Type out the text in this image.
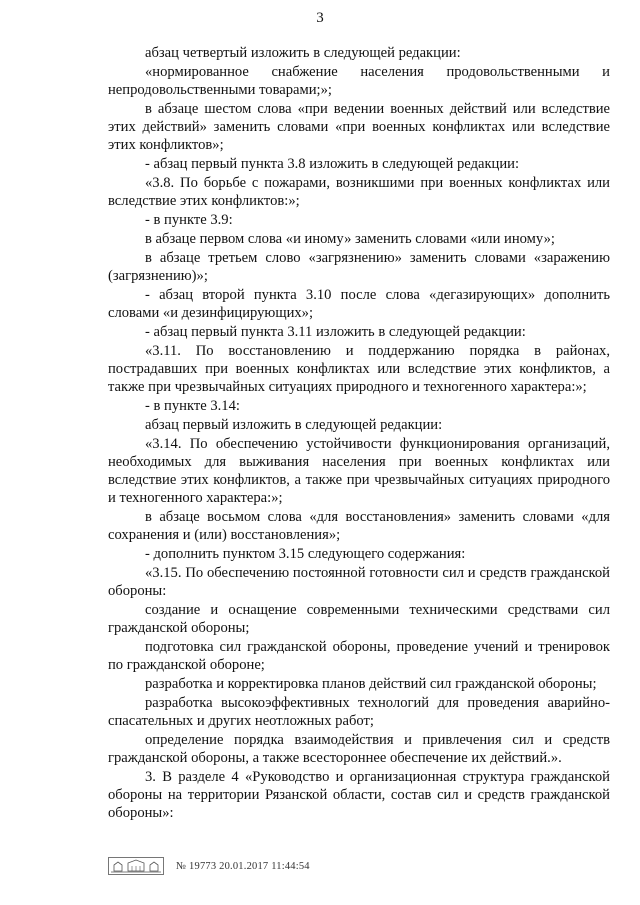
3

абзац четвертый изложить в следующей редакции:

«нормированное снабжение населения продовольственными и непродовольственными товарами;»;

в абзаце шестом слова «при ведении военных действий или вследствие этих действий» заменить словами «при военных конфликтах или вследствие этих конфликтов»;

- абзац первый пункта 3.8 изложить в следующей редакции:

«3.8. По борьбе с пожарами, возникшими при военных конфликтах или вследствие этих конфликтов:»;

- в пункте 3.9:

в абзаце первом слова «и иному» заменить словами «или иному»;

в абзаце третьем слово «загрязнению» заменить словами «заражению (загрязнению)»;

- абзац второй пункта 3.10 после слова «дегазирующих» дополнить словами «и дезинфицирующих»;

- абзац первый пункта 3.11 изложить в следующей редакции:

«3.11. По восстановлению и поддержанию порядка в районах, пострадавших при военных конфликтах или вследствие этих конфликтов, а также при чрезвычайных ситуациях природного и техногенного характера:»;

- в пункте 3.14:

абзац первый изложить в следующей редакции:

«3.14. По обеспечению устойчивости функционирования организаций, необходимых для выживания населения при военных конфликтах или вследствие этих конфликтов, а также при чрезвычайных ситуациях природного и техногенного характера:»;

в абзаце восьмом слова «для восстановления» заменить словами «для сохранения и (или) восстановления»;

- дополнить пунктом 3.15 следующего содержания:

«3.15. По обеспечению постоянной готовности сил и средств гражданской обороны:

создание и оснащение современными техническими средствами сил гражданской обороны;

подготовка сил гражданской обороны, проведение учений и тренировок по гражданской обороне;

разработка и корректировка планов действий сил гражданской обороны;

разработка высокоэффективных технологий для проведения аварийно-спасательных и других неотложных работ;

определение порядка взаимодействия и привлечения сил и средств гражданской обороны, а также всестороннее обеспечение их действий.».

3. В разделе 4 «Руководство и организационная структура гражданской обороны на территории Рязанской области, состав сил и средств гражданской обороны»:

№ 19773 20.01.2017 11:44:54
